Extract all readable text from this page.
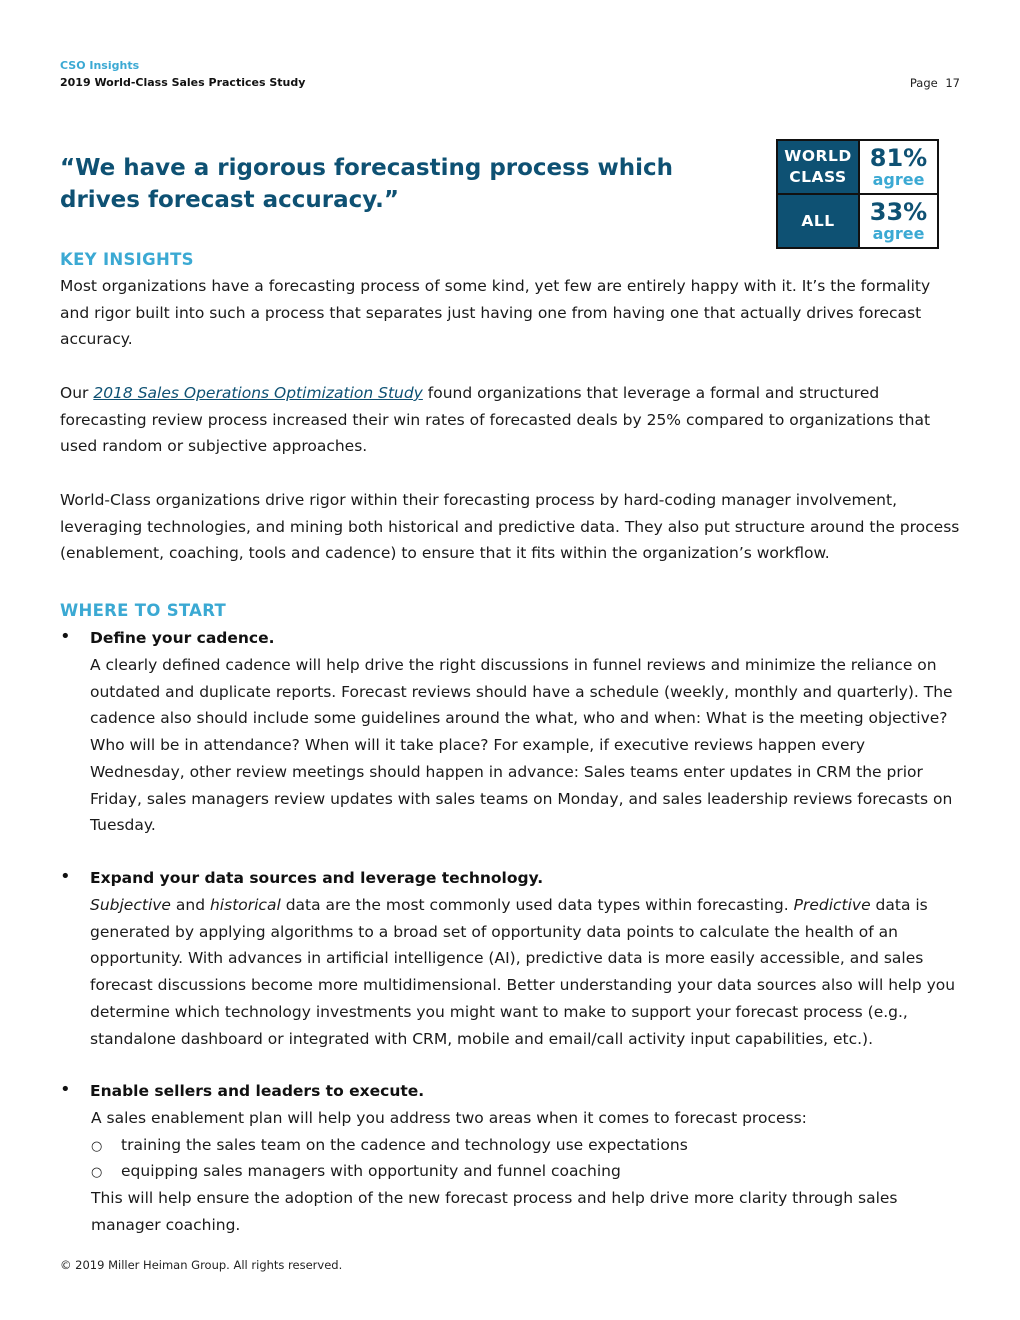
CSO Insights
2019 World-Class Sales Practices Study	Page 17
“We have a rigorous forecasting process which drives forecast accuracy.”
WORLD CLASS
81%
agree
ALL	33%
agree
KEY INSIGHTS

Most organizations have a forecasting process of some kind, yet few are entirely happy with it. It’s the formality and rigor built into such a process that separates just having one from having one that actually drives forecast accuracy.

Our 2018 Sales Operations Optimization Study found organizations that leverage a formal and structured forecasting review process increased their win rates of forecasted deals by 25% compared to organizations that used random or subjective approaches.

World-Class organizations drive rigor within their forecasting process by hard-coding manager involvement, leveraging technologies, and mining both historical and predictive data. They also put structure around the process (enablement, coaching, tools and cadence) to ensure that it fits within the organization’s workflow.

WHERE TO START
• Define your cadence.

A clearly defined cadence will help drive the right discussions in funnel reviews and minimize the reliance on outdated and duplicate reports. Forecast reviews should have a schedule (weekly, monthly and quarterly). The cadence also should include some guidelines around the what, who and when: What is the meeting objective? Who will be in attendance? When will it take place? For example, if executive reviews happen every Wednesday, other review meetings should happen in advance: Sales teams enter updates in CRM the prior Friday, sales managers review updates with sales teams on Monday, and sales leadership reviews forecasts on Tuesday.

• Expand your data sources and leverage technology.

Subjective and historical data are the most commonly used data types within forecasting. Predictive data is generated by applying algorithms to a broad set of opportunity data points to calculate the health of an opportunity. With advances in artificial intelligence (AI), predictive data is more easily accessible, and sales forecast discussions become more multidimensional. Better understanding your data sources also will help you determine which technology investments you might want to make to support your forecast process (e.g., standalone dashboard or integrated with CRM, mobile and email/call activity input capabilities, etc.).

• Enable sellers and leaders to execute.
A sales enablement plan will help you address two areas when it comes to forecast process:
○ training the sales team on the cadence and technology use expectations
○ equipping sales managers with opportunity and funnel coaching

This will help ensure the adoption of the new forecast process and help drive more clarity through sales manager coaching.

© 2019 Miller Heiman Group. All rights reserved.
